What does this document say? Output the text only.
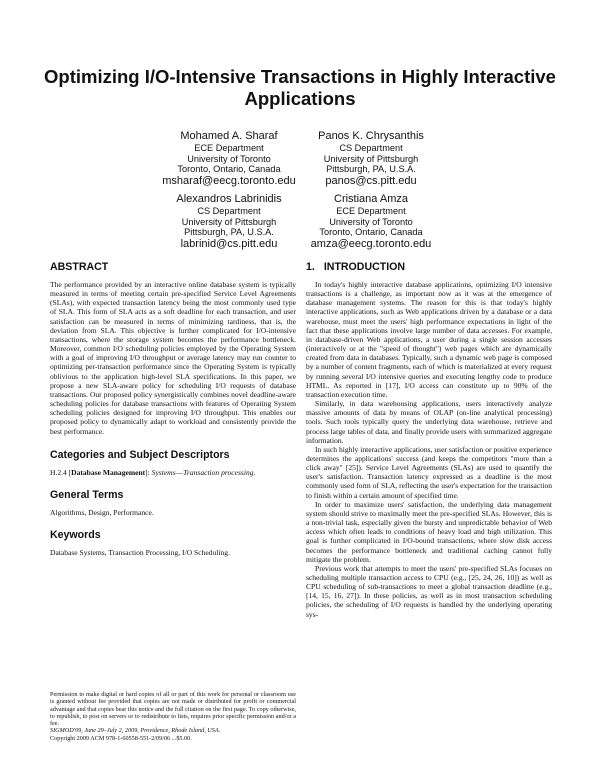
Optimizing I/O-Intensive Transactions in Highly Interactive Applications
Mohamed A. Sharaf
ECE Department
University of Toronto
Toronto, Ontario, Canada
msharaf@eecg.toronto.edu
Panos K. Chrysanthis
CS Department
University of Pittsburgh
Pittsburgh, PA, U.S.A.
panos@cs.pitt.edu
Alexandros Labrinidis
CS Department
University of Pittsburgh
Pittsburgh, PA, U.S.A.
labrinid@cs.pitt.edu
Cristiana Amza
ECE Department
University of Toronto
Toronto, Ontario, Canada
amza@eecg.toronto.edu
ABSTRACT

The performance provided by an interactive online database system is typically measured in terms of meeting certain pre-specified Service Level Agreements (SLAs), with expected transaction latency being the most commonly used type of SLA. This form of SLA acts as a soft deadline for each transaction, and user satisfaction can be measured in terms of minimizing tardiness, that is, the deviation from SLA. This objective is further complicated for I/O-intensive transactions, where the storage system becomes the performance bottleneck. Moreover, common I/O scheduling policies employed by the Operating System with a goal of improving I/O throughput or average latency may run counter to optimizing per-transaction performance since the Operating System is typically oblivious to the application high-level SLA specifications. In this paper, we propose a new SLA-aware policy for scheduling I/O requests of database transactions. Our proposed policy synergistically combines novel deadline-aware scheduling policies for database transactions with features of Operating System scheduling policies designed for improving I/O throughput. This enables our proposed policy to dynamically adapt to workload and consistently provide the best performance.

Categories and Subject Descriptors

H.2.4 [Database Management]: Systems—Transaction processing.

General Terms

Algorithms, Design, Performance.

Keywords

Database Systems, Transaction Processing, I/O Scheduling.

Permission to make digital or hard copies of all or part of this work for personal or classroom use is granted without fee provided that copies are not made or distributed for profit or commercial advantage and that copies bear this notice and the full citation on the first page. To copy otherwise, to republish, to post on servers or to redistribute to lists, requires prior specific permission and/or a fee.
SIGMOD'09, June 29–July 2, 2009, Providence, Rhode Island, USA.
Copyright 2009 ACM 978-1-60558-551-2/09/06 ...$5.00.
1. INTRODUCTION

In today's highly interactive database applications, optimizing I/O intensive transactions is a challenge, as important now as it was at the emergence of database management systems. The reason for this is that today's highly interactive applications, such as Web applications driven by a database or a data warehouse, must meet the users' high performance expectations in light of the fact that these applications involve large number of data accesses. For example, in database-driven Web applications, a user during a single session accesses (interactively or at the "speed of thought") web pages which are dynamically created from data in databases. Typically, such a dynamic web page is composed by a number of content fragments, each of which is materialized at every request by running several I/O intensive queries and executing lengthy code to produce HTML. As reported in [17], I/O access can constitute up to 90% of the transaction execution time.

Similarly, in data warehousing applications, users interactively analyze massive amounts of data by means of OLAP (on-line analytical processing) tools. Such tools typically query the underlying data warehouse, retrieve and process large tables of data, and finally provide users with summarized aggregate information.

In such highly interactive applications, user satisfaction or positive experience determines the applications' success (and keeps the competitors "more than a click away" [25]). Service Level Agreements (SLAs) are used to quantify the user's satisfaction. Transaction latency expressed as a deadline is the most commonly used form of SLA, reflecting the user's expectation for the transaction to finish within a certain amount of specified time.

In order to maximize users' satisfaction, the underlying data management system should strive to maximally meet the pre-specified SLAs. However, this is a non-trivial task, especially given the bursty and unpredictable behavior of Web access which often leads to conditions of heavy load and high utilization. This goal is further complicated in I/O-bound transactions, where slow disk access becomes the performance bottleneck and traditional caching cannot fully mitigate the problem.

Previous work that attempts to meet the users' pre-specified SLAs focuses on scheduling multiple transaction access to CPU (e.g., [25, 24, 26, 10]) as well as CPU scheduling of sub-transactions to meet a global transaction deadline (e.g., [14, 15, 16, 27]). In these policies, as well as in most transaction scheduling policies, the scheduling of I/O requests is handled by the underlying operating sys-
